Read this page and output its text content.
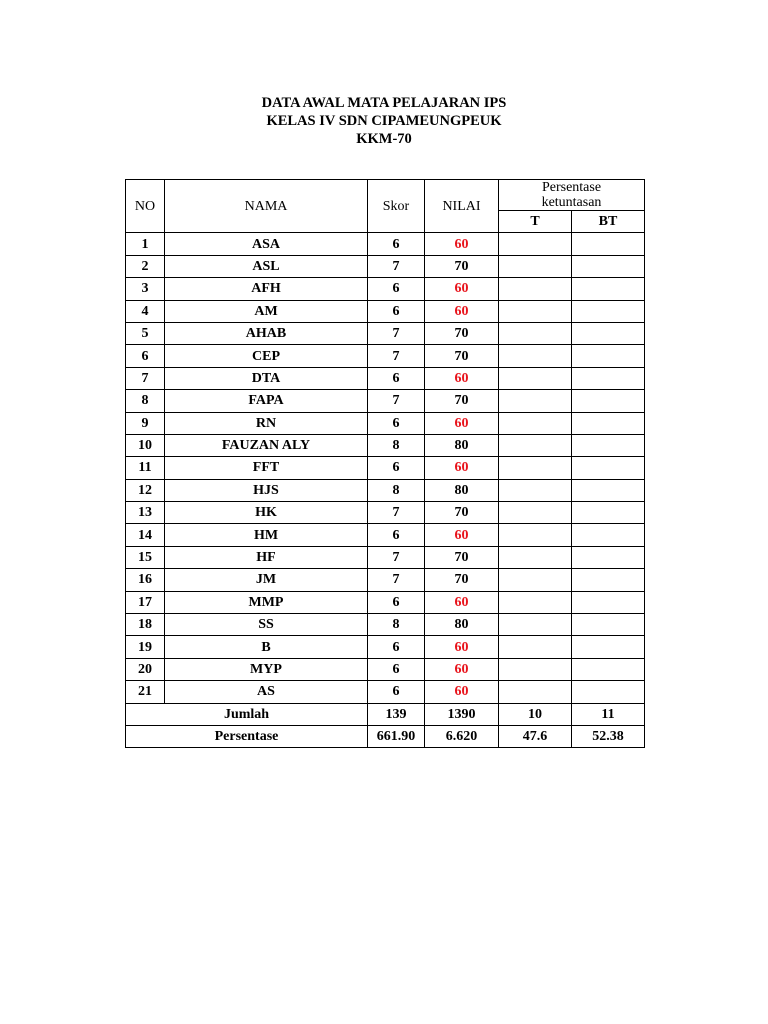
DATA AWAL MATA PELAJARAN IPS
KELAS IV SDN CIPAMEUNGPEUK
KKM-70
NO	NAMA	Skor	NILAI	Persentase
ketuntasan	

				T	BT
1	ASA	6	60		
2	ASL	7	70		
3	AFH	6	60		
4	AM	6	60		
5	AHAB	7	70		
6	CEP	7	70		
7	DTA	6	60		
8	FAPA	7	70		
9	RN	6	60		
10	FAUZAN ALY	8	80		
11	FFT	6	60		
12	HJS	8	80		
13	HK	7	70		
14	HM	6	60		
15	HF	7	70		
16	JM	7	70		
17	MMP	6	60		
18	SS	8	80		
19	B	6	60		
20	MYP	6	60		
21	AS	6	60		
Jumlah		139	1390	10	11
Persentase		661.90	6.620	47.6	52.38
